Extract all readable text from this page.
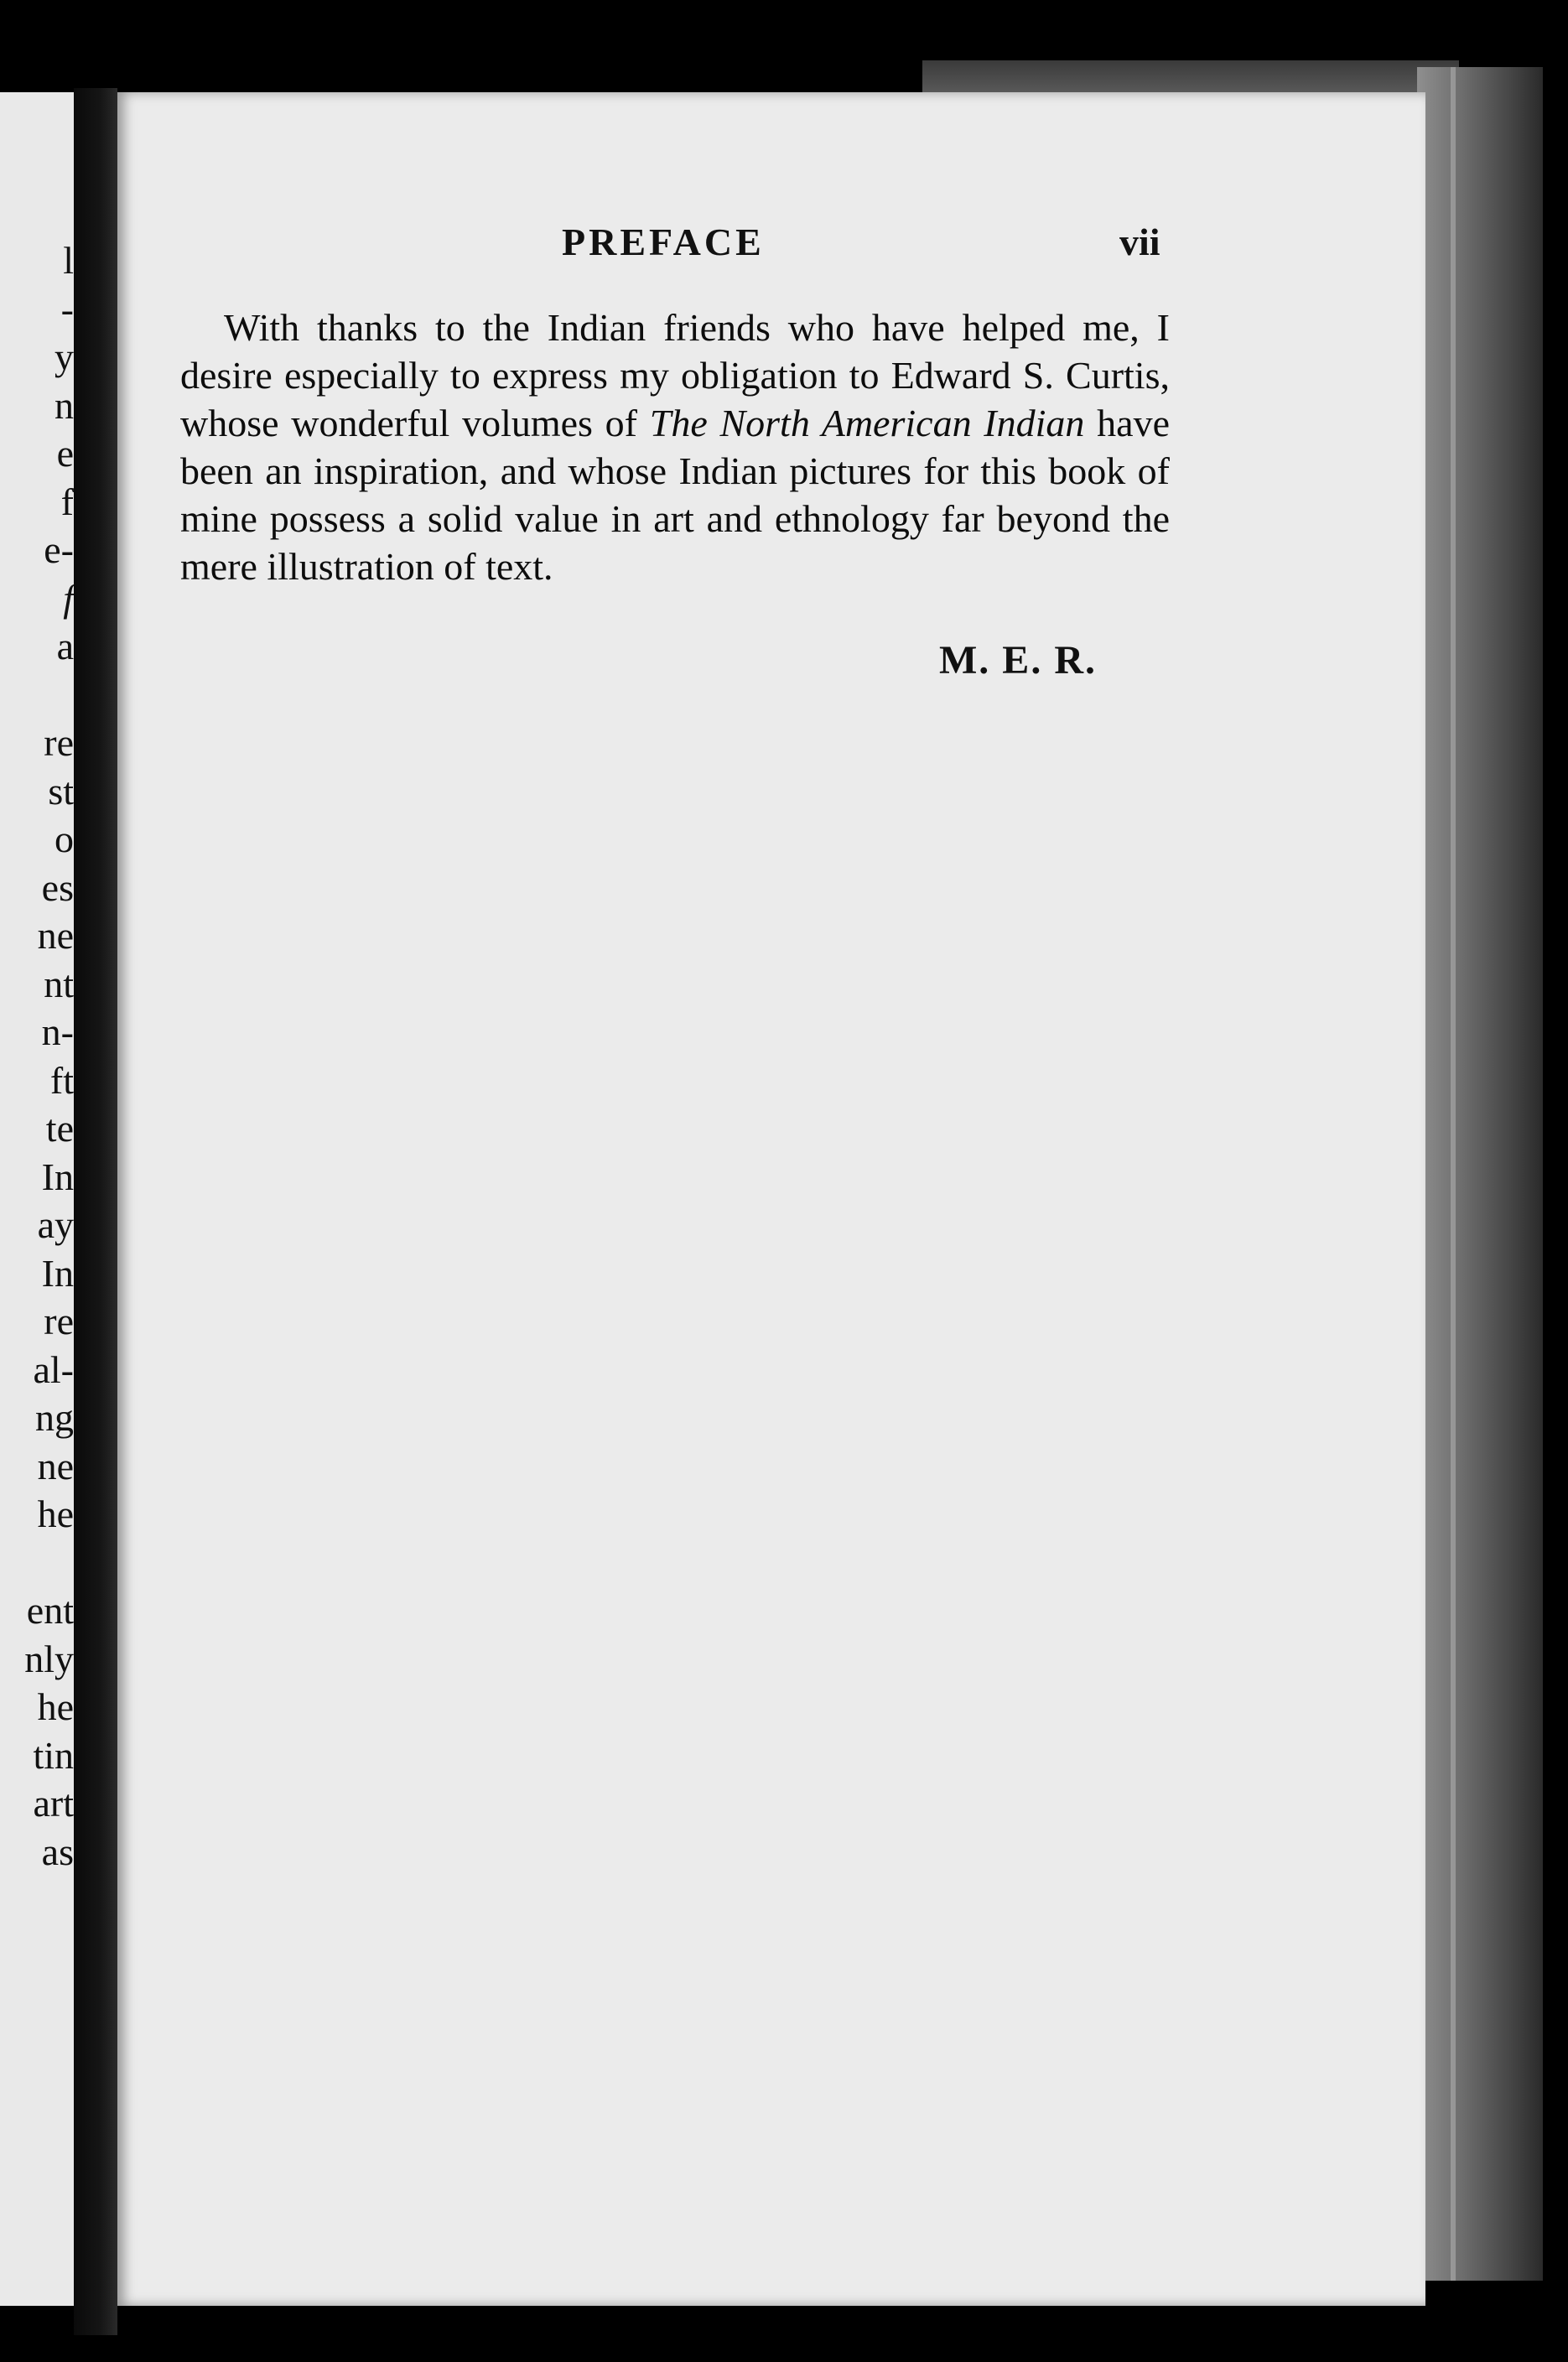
l
-
y
n
e
f
e-
f
a
re
st
o
es
ne
nt
n-
ft
te
In
ay
In
re
al-
ng
ne
he
ent
nly
he
tin
art
as
PREFACE	vii

With thanks to the Indian friends who have helped me, I desire especially to express my obligation to Edward S. Curtis, whose wonderful volumes of The North American Indian have been an inspiration, and whose Indian pictures for this book of mine possess a solid value in art and ethnology far beyond the mere illustration of text.

M. E. R.
